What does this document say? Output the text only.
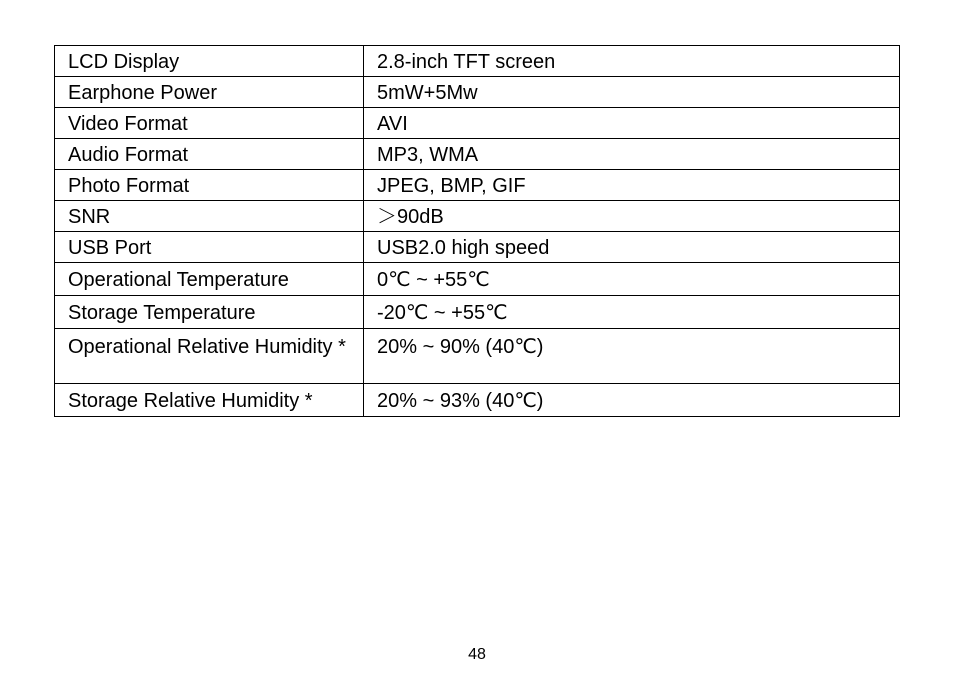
LCD Display	2.8-inch TFT screen
Earphone Power	5mW+5Mw
Video Format	AVI
Audio Format	MP3, WMA
Photo Format	JPEG, BMP, GIF
SNR	＞90dB
USB Port	USB2.0 high speed
Operational Temperature	0℃ ~ +55℃
Storage Temperature	-20℃ ~ +55℃
Operational Relative Humidity *	20% ~ 90% (40℃)
Storage Relative Humidity *	20% ~ 93% (40℃)
48
